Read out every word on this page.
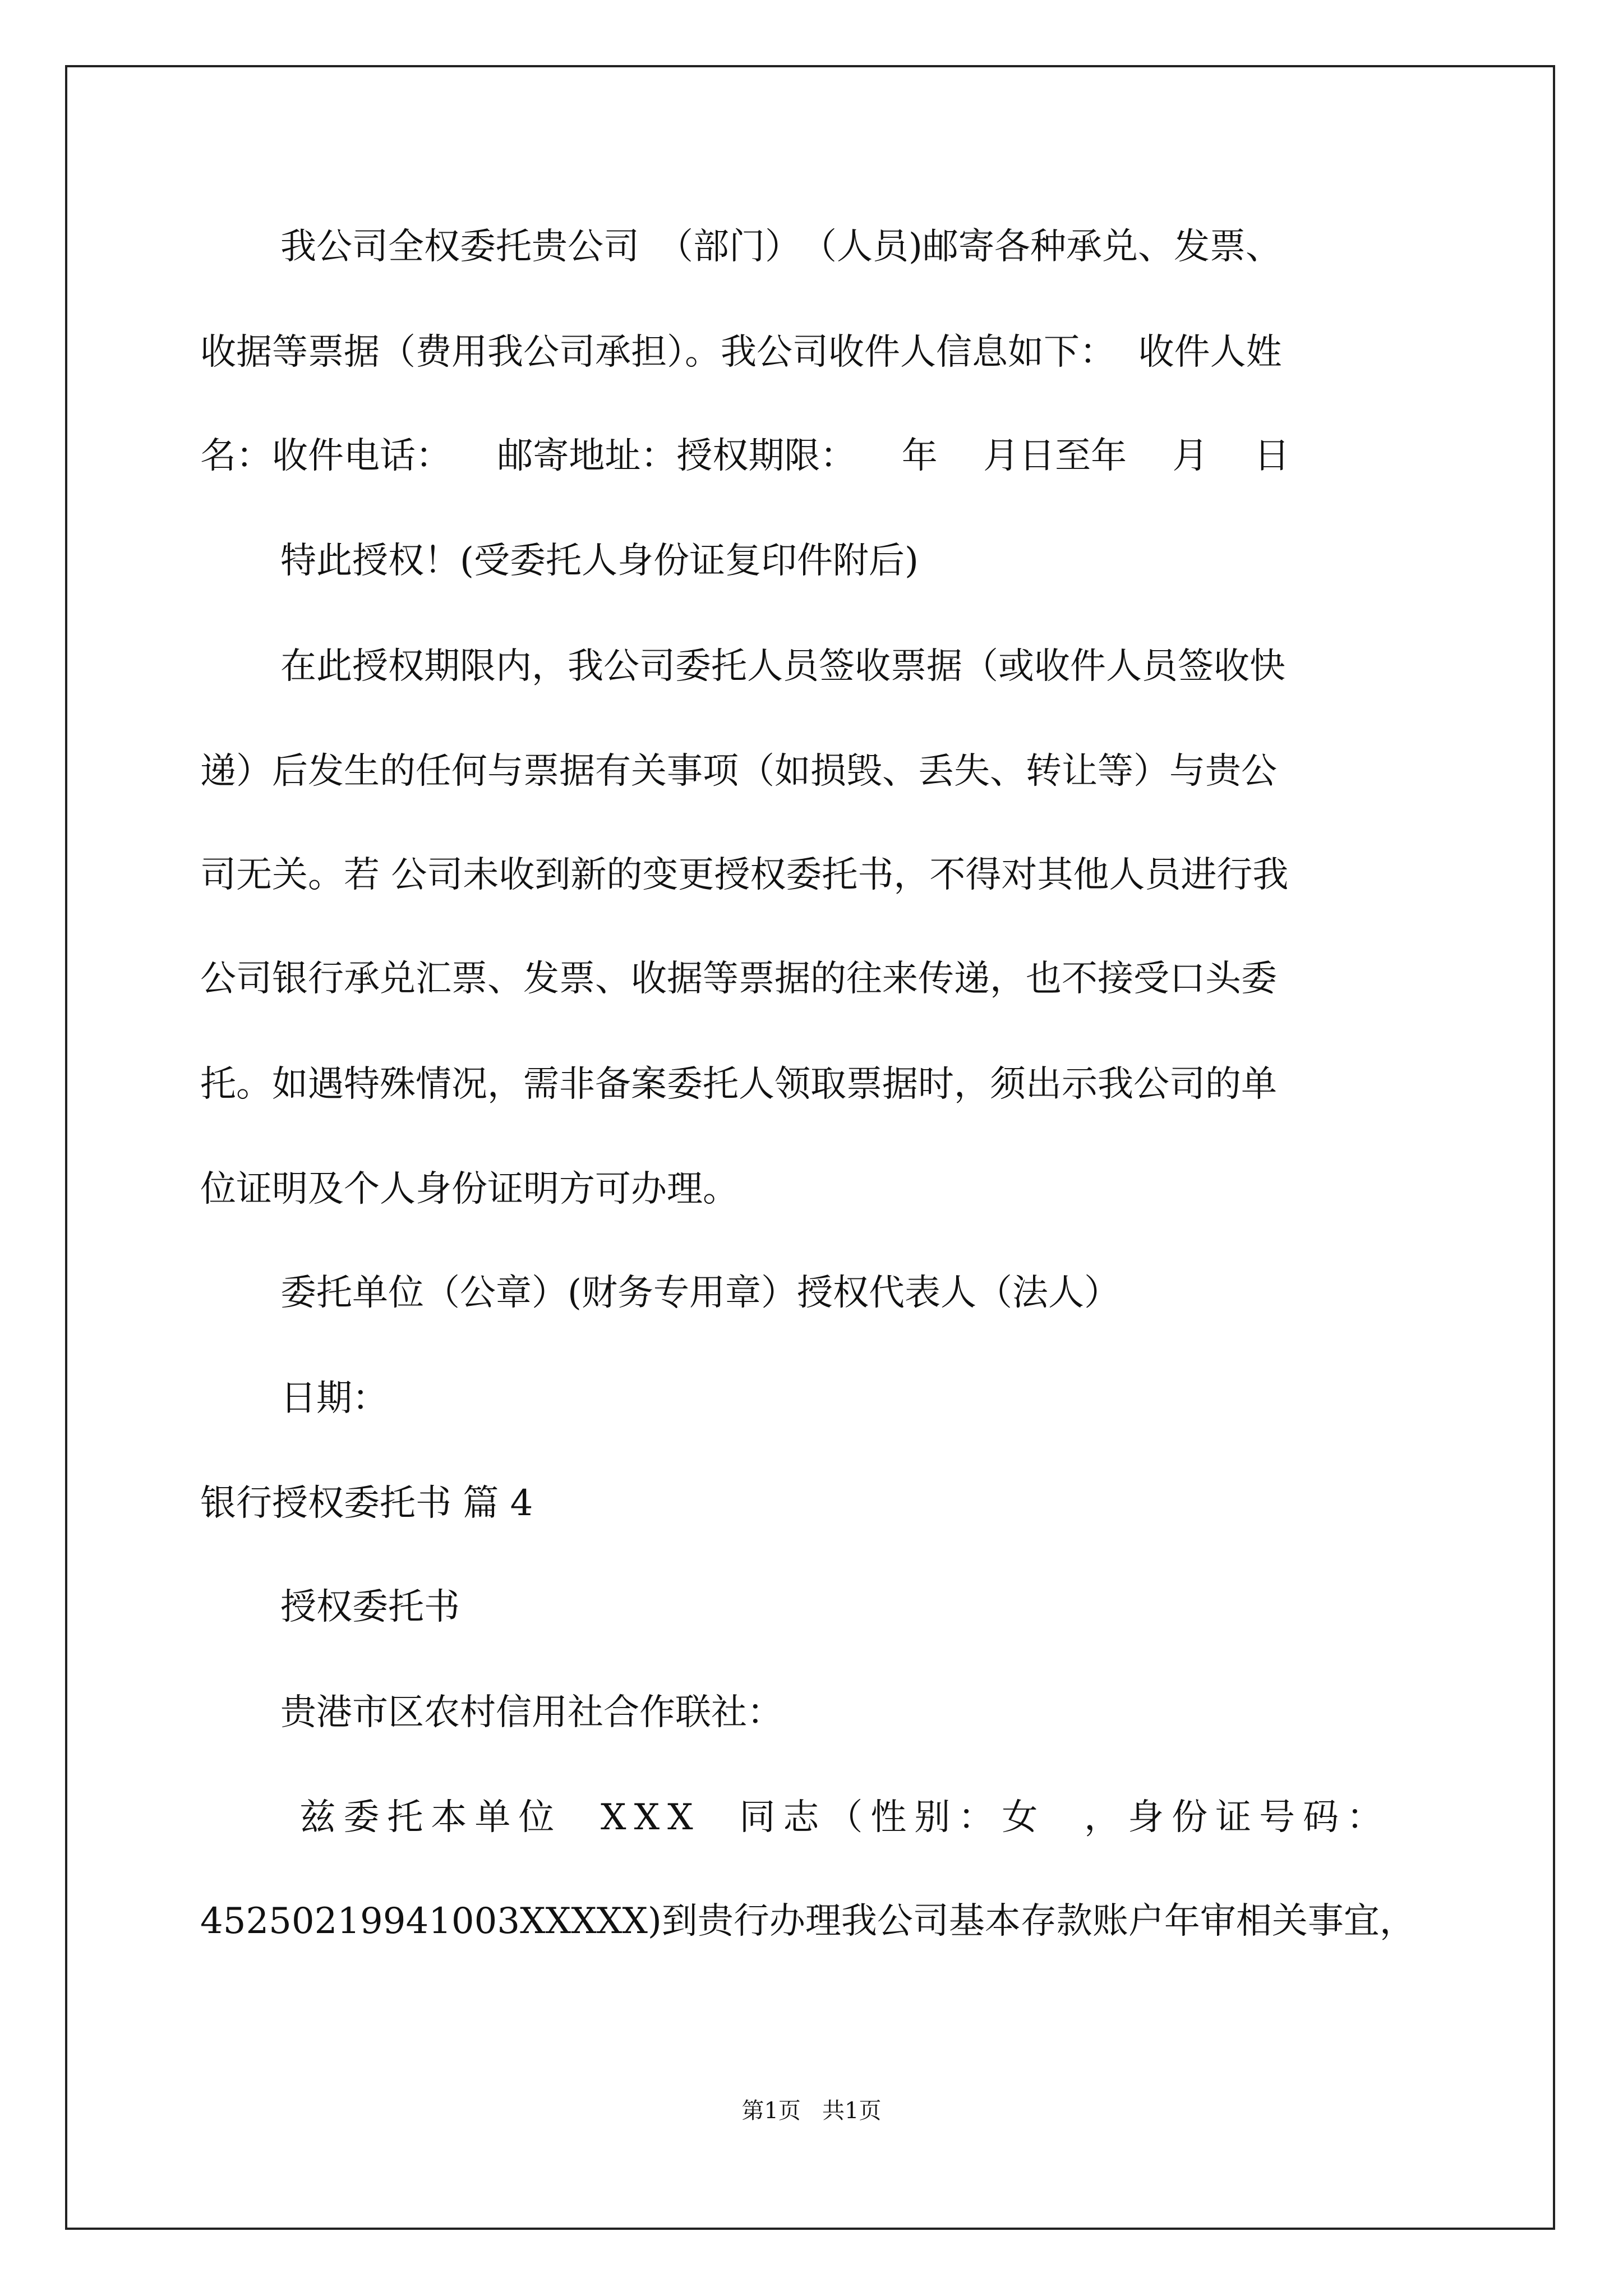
我公司全权委托贵公司　（部门）　（人员)邮寄各种承兑、发票、
收据等票据（费用我公司承担）。我公司收件人信息如下：  收件人姓
名：收件电话：    邮寄地址：授权期限：    年    月日至年    月    日
特此授权！(受委托人身份证复印件附后)
在此授权期限内，我公司委托人员签收票据（或收件人员签收快
递）后发生的任何与票据有关事项（如损毁、丢失、转让等）与贵公
司无关。若 公司未收到新的变更授权委托书，不得对其他人员进行我
公司银行承兑汇票、发票、收据等票据的往来传递，也不接受口头委
托。如遇特殊情况，需非备案委托人领取票据时，须出示我公司的单
位证明及个人身份证明方可办理。
委托单位（公章）(财务专用章）授权代表人（法人）
日期：
银行授权委托书 篇 4
授权委托书
贵港市区农村信用社合作联社：
兹委托本单位  XXX  同志（性别：女  ，身份证号码：
45250219941003XXXXX)到贵行办理我公司基本存款账户年审相关事宜，
第1页   共1页
